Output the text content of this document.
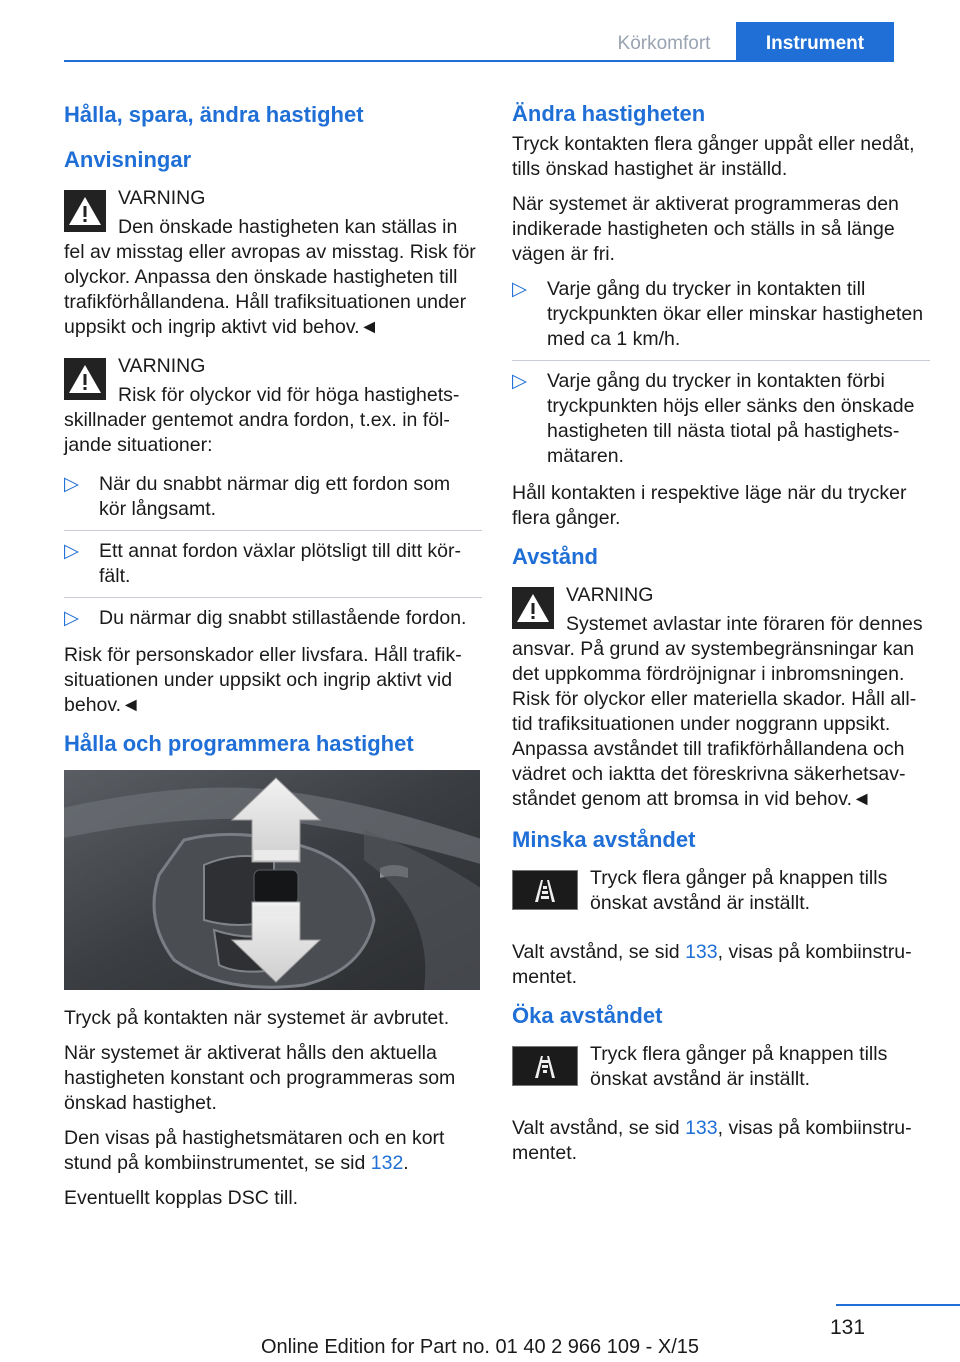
Körkomfort	Instrument
Hålla, spara, ändra hastighet
Anvisningar
VARNING

Den önskade hastigheten kan ställas in fel av misstag eller avropas av misstag. Risk för olyckor. Anpassa den önskade hastigheten till trafikförhållandena. Håll trafiksituationen under uppsikt och ingrip aktivt vid behov.◄

VARNING

Risk för olyckor vid för höga hastighetsskillnader gentemot andra fordon, t.ex. in följande situationer:

▷ När du snabbt närmar dig ett fordon som kör långsamt.
▷ Ett annat fordon växlar plötsligt till ditt körfält.
▷ Du närmar dig snabbt stillastående fordon.

Risk för personskador eller livsfara. Håll trafiksituationen under uppsikt och ingrip aktivt vid behov.◄

Hålla och programmera hastighet

Tryck på kontakten när systemet är avbrutet.

När systemet är aktiverat hålls den aktuella hastigheten konstant och programmeras som önskad hastighet.

Den visas på hastighetsmätaren och en kort stund på kombiinstrumentet, se sid 132.

Eventuellt kopplas DSC till.

Ändra hastigheten

Tryck kontakten flera gånger uppåt eller nedåt, tills önskad hastighet är inställd.

När systemet är aktiverat programmeras den indikerade hastigheten och ställs in så länge vägen är fri.

▷ Varje gång du trycker in kontakten till tryckpunkten ökar eller minskar hastigheten med ca 1 km/h.
▷ Varje gång du trycker in kontakten förbi tryckpunkten höjs eller sänks den önskade hastigheten till nästa tiotal på hastighetsmätaren.

Håll kontakten i respektive läge när du trycker flera gånger.

Avstånd
VARNING

Systemet avlastar inte föraren för dennes ansvar. På grund av systembegränsningar kan det uppkomma fördröjnignar i inbromsningen. Risk för olyckor eller materiella skador. Håll alltid trafiksituationen under noggrann uppsikt. Anpassa avståndet till trafikförhållandena och vädret och iaktta det föreskrivna säkerhetsavståndet genom att bromsa in vid behov.◄

Minska avståndet

Tryck flera gånger på knappen tills önskat avstånd är inställt.

Valt avstånd, se sid 133, visas på kombiinstrumentet.

Öka avståndet

Tryck flera gånger på knappen tills önskat avstånd är inställt.

Valt avstånd, se sid 133, visas på kombiinstrumentet.

131
Online Edition for Part no. 01 40 2 966 109 - X/15
